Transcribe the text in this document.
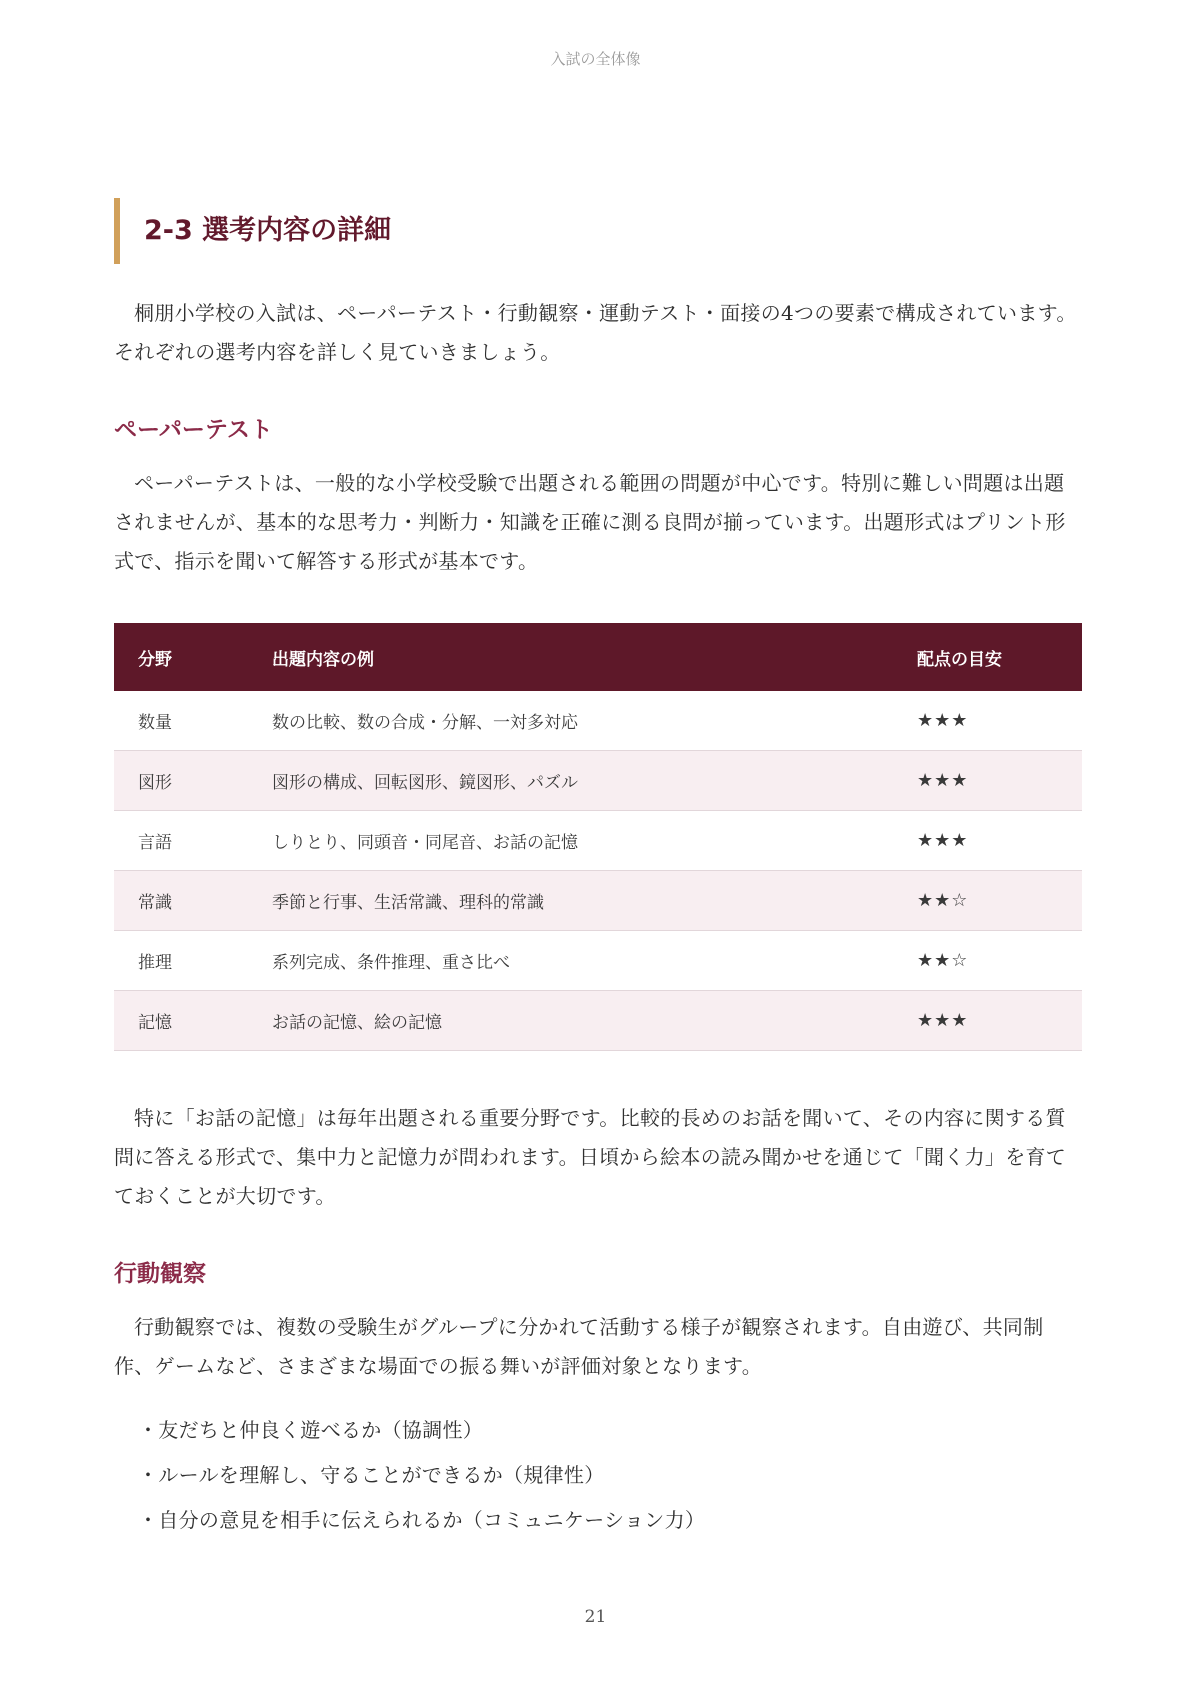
入試の全体像
2-3 選考内容の詳細

桐朋小学校の入試は、ペーパーテスト・行動観察・運動テスト・面接の4つの要素で構成されています。それぞれの選考内容を詳しく見ていきましょう。

ペーパーテスト

ペーパーテストは、一般的な小学校受験で出題される範囲の問題が中心です。特別に難しい問題は出題されませんが、基本的な思考力・判断力・知識を正確に測る良問が揃っています。出題形式はプリント形式で、指示を聞いて解答する形式が基本です。

分野	出題内容の例	配点の目安
数量	数の比較、数の合成・分解、一対多対応	★★★
図形	図形の構成、回転図形、鏡図形、パズル	★★★
言語	しりとり、同頭音・同尾音、お話の記憶	★★★
常識	季節と行事、生活常識、理科的常識	★★☆
推理	系列完成、条件推理、重さ比べ	★★☆
記憶	お話の記憶、絵の記憶	★★★

特に「お話の記憶」は毎年出題される重要分野です。比較的長めのお話を聞いて、その内容に関する質問に答える形式で、集中力と記憶力が問われます。日頃から絵本の読み聞かせを通じて「聞く力」を育てておくことが大切です。

行動観察

行動観察では、複数の受験生がグループに分かれて活動する様子が観察されます。自由遊び、共同制作、ゲームなど、さまざまな場面での振る舞いが評価対象となります。

・友だちと仲良く遊べるか（協調性）
・ルールを理解し、守ることができるか（規律性）
・自分の意見を相手に伝えられるか（コミュニケーション力）
21
